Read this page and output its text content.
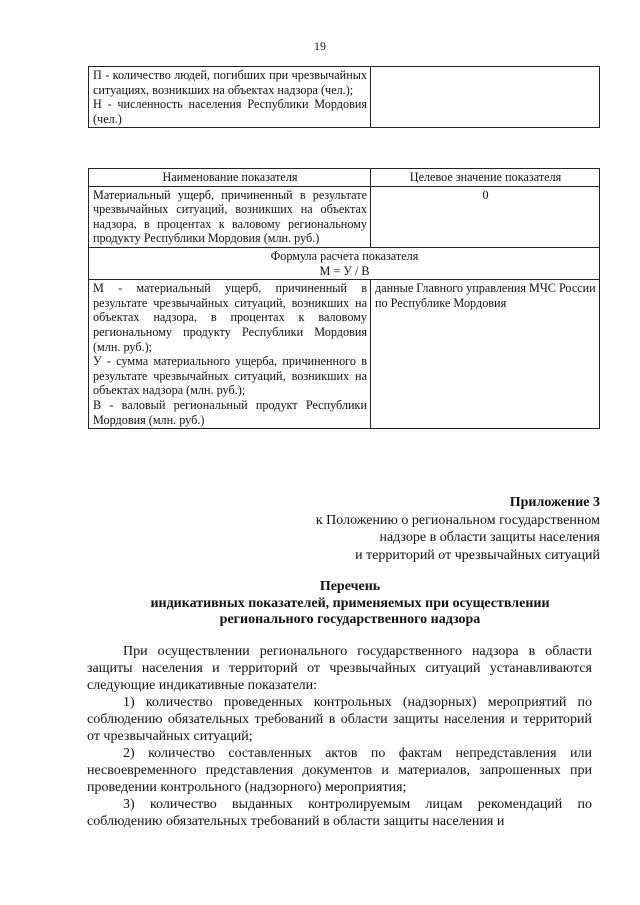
19
П - количество людей, погибших при чрезвычайных ситуациях, возникших на объектах надзора (чел.);
Н - численность населения Республики Мордовия (чел.)

Наименование показателя	Целевое значение показателя
Материальный ущерб, причиненный в результате чрезвычайных ситуаций, возникших на объектах надзора, в процентах к валовому региональному продукту Республики Мордовия (млн. руб.)	0

Формула расчета показателя
М = У / В	

М - материальный ущерб, причиненный в результате чрезвычайных ситуаций, возникших на объектах надзора, в процентах к валовому региональному продукту Республики Мордовия (млн. руб.);
У - сумма материального ущерба, причиненного в результате чрезвычайных ситуаций, возникших на объектах надзора (млн. руб.);
В - валовый региональный продукт Республики Мордовия (млн. руб.)	данные Главного управления МЧС России по Республике Мордовия
Приложение 3
к Положению о региональном государственном
надзоре в области защиты населения
и территорий от чрезвычайных ситуаций
Перечень
индикативных показателей, применяемых при осуществлении
регионального государственного надзора

При осуществлении регионального государственного надзора в области защиты населения и территорий от чрезвычайных ситуаций устанавливаются следующие индикативные показатели:

1) количество проведенных контрольных (надзорных) мероприятий по соблюдению обязательных требований в области защиты населения и территорий от чрезвычайных ситуаций;

2) количество составленных актов по фактам непредставления или несвоевременного представления документов и материалов, запрошенных при проведении контрольного (надзорного) мероприятия;

3) количество выданных контролируемым лицам рекомендаций по соблюдению обязательных требований в области защиты населения и
